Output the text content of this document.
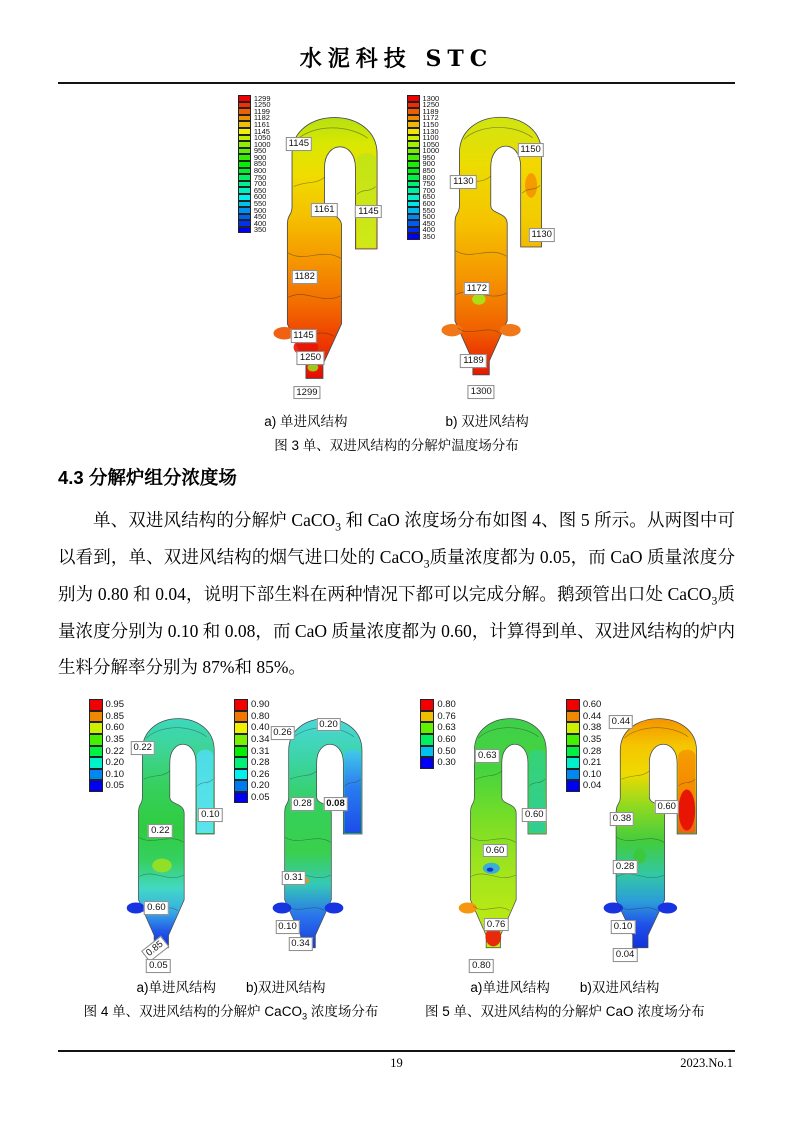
水泥科技 STC
1299
1250
1199
1182
1161
1145
1050
1000
950
900
850
800
750
700
650
600
550
500
450
400
350
1145
1161	1145
1182
1145
1250
1299
1300
1250
1189
1172
1150
1130
1100
1050
1000
950
900
850
800
750
700
650
600
550
500
450
400
350
1150
1130
1130
1172
1189
1300
a) 单进风结构	b) 双进风结构
图 3 单、双进风结构的分解炉温度场分布
4.3 分解炉组分浓度场

单、双进风结构的分解炉 CaCO$_3$ 和 CaO 浓度场分布如图 4、图 5 所示。从两图中可以看到，单、双进风结构的烟气进口处的 CaCO$_3$质量浓度都为 0.05，而 CaO 质量浓度分别为 0.80 和 0.04，说明下部生料在两种情况下都可以完成分解。鹅颈管出口处 CaCO$_3$质量浓度分别为 0.10 和 0.08，而 CaO 质量浓度都为 0.60，计算得到单、双进风结构的炉内生料分解率分别为 87%和 85%。

0.95
0.85
0.60
0.35
0.22
0.20
0.10
0.05
0.22
0.10
0.22
0.60
0.85
0.05
0.90
0.80
0.40
0.34
0.31
0.28
0.26
0.20
0.05
0.26
0.20
0.28	0.08
0.31
0.10
0.34
a)单进风结构 b)双进风结构
图 4 单、双进风结构的分解炉 CaCO$_3$ 浓度场分布
0.80
0.76
0.63
0.60
0.50
0.30
0.63
0.60
0.60
0.76
0.80
0.60
0.44
0.38
0.35
0.28
0.21
0.10
0.04
0.44
0.60
0.38
0.28
0.10
0.04
a)单进风结构 b)双进风结构
图 5 单、双进风结构的分解炉 CaO 浓度场分布
19	2023.No.1
